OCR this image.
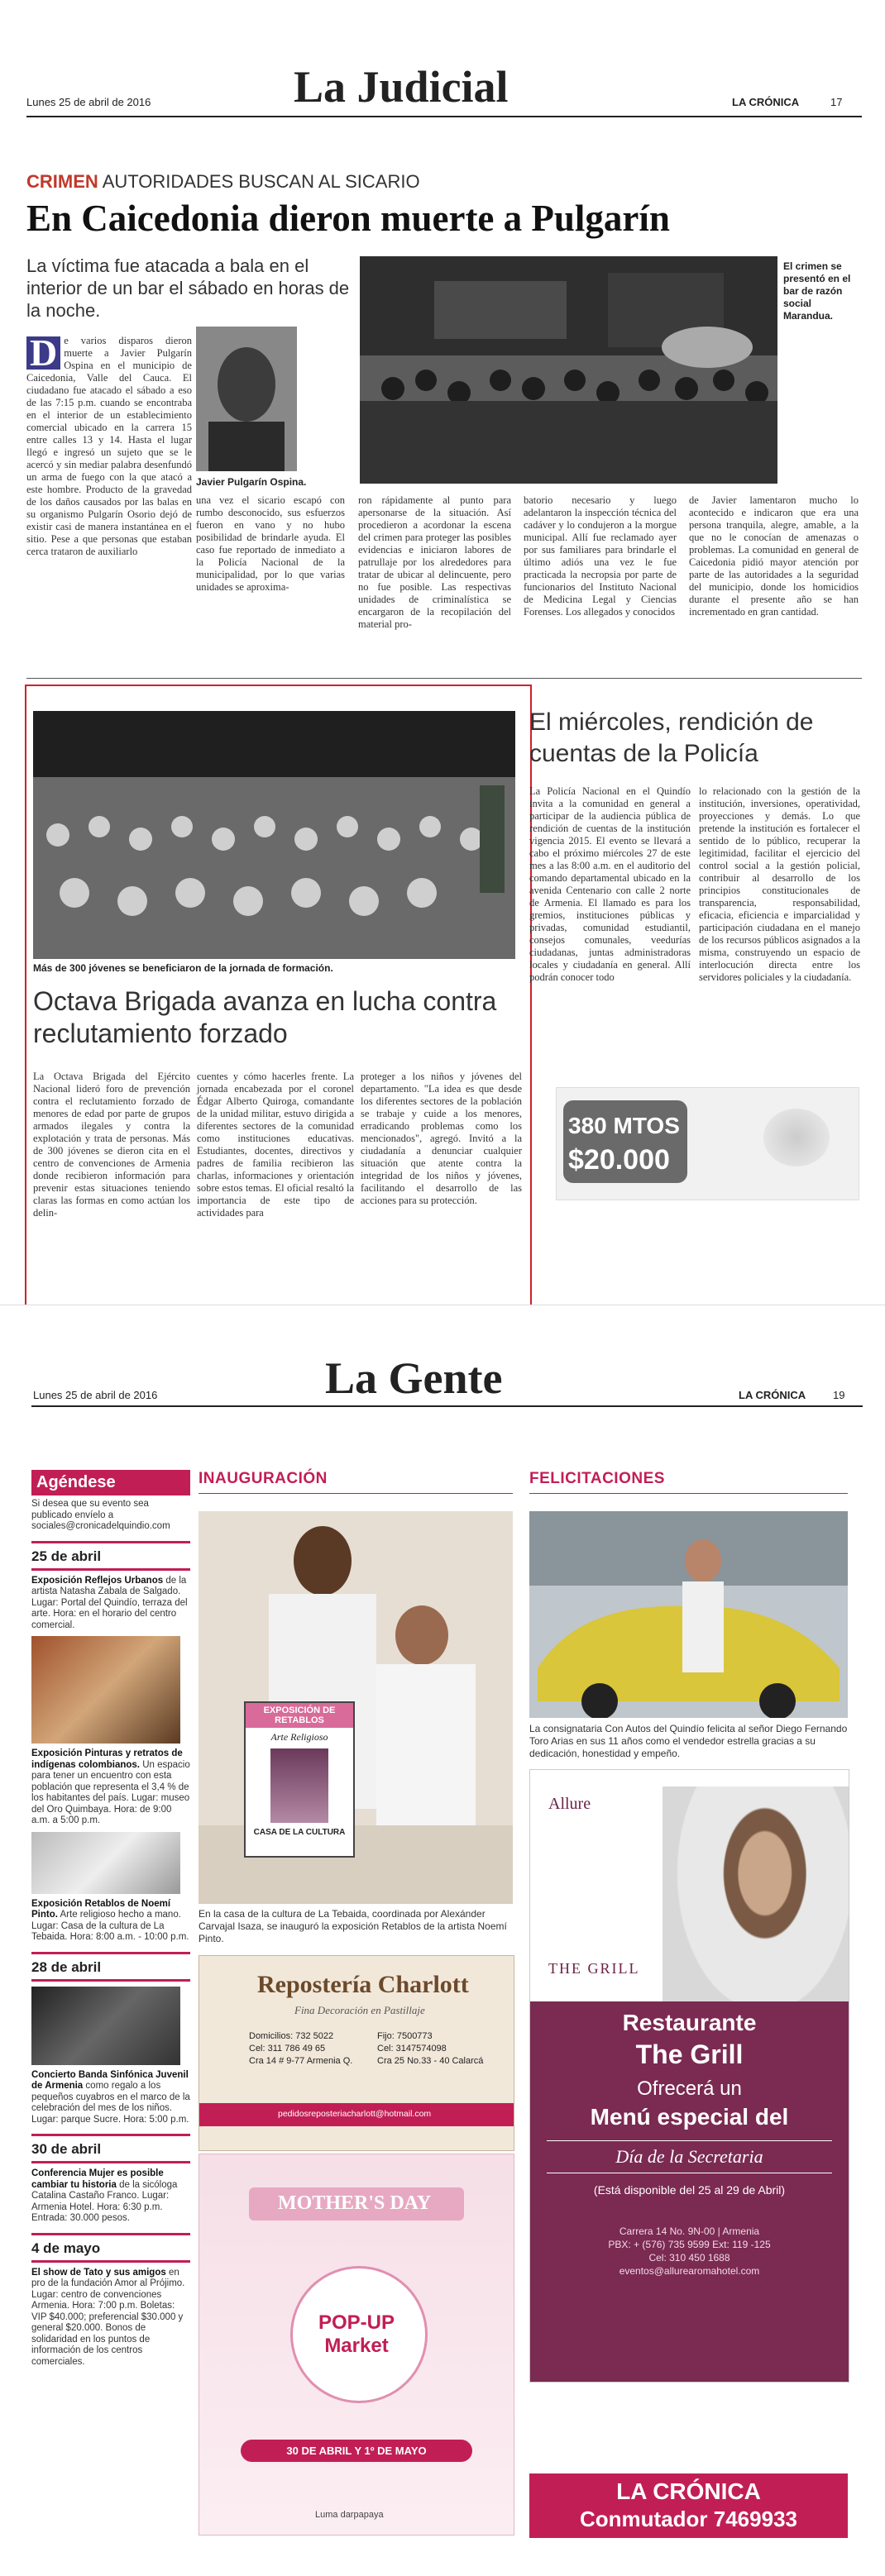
Lunes 25 de abril de 2016	La Judicial	LA CRÓNICA	17
CRIMEN AUTORIDADES BUSCAN AL SICARIO
En Caicedonia dieron muerte a Pulgarín
La víctima fue atacada a bala en el interior de un bar el sábado en horas de la noche.
El crimen se presentó en el bar de razón social Marandua.
Javier Pulgarín Ospina.
D e varios disparos dieron muerte a Javier Pulgarín Ospina en el municipio de Caicedonia, Valle del Cauca. El ciudadano fue atacado el sábado a eso de las 7:15 p.m. cuando se encontraba en el interior de un establecimiento comercial ubicado en la carrera 15 entre calles 13 y 14. Hasta el lugar llegó e ingresó un sujeto que se le acercó y sin mediar palabra desenfundó un arma de fuego con la que atacó a este hombre. Producto de la gravedad de los daños causados por las balas en su organismo Pulgarín Osorio dejó de existir casi de manera instantánea en el sitio. Pese a que personas que estaban cerca trataron de auxiliarlo
una vez el sicario escapó con rumbo desconocido, sus esfuerzos fueron en vano y no hubo posibilidad de brindarle ayuda. El caso fue reportado de inmediato a la Policía Nacional de la municipalidad, por lo que varias unidades se aproxima-
ron rápidamente al punto para apersonarse de la situación. Así procedieron a acordonar la escena del crimen para proteger las posibles evidencias e iniciaron labores de patrullaje por los alrededores para tratar de ubicar al delincuente, pero no fue posible. Las respectivas unidades de criminalística se encargaron de la recopilación del material pro-
batorio necesario y luego adelantaron la inspección técnica del cadáver y lo condujeron a la morgue municipal. Allí fue reclamado ayer por sus familiares para brindarle el último adiós una vez le fue practicada la necropsia por parte de funcionarios del Instituto Nacional de Medicina Legal y Ciencias Forenses. Los allegados y conocidos
de Javier lamentaron mucho lo acontecido e indicaron que era una persona tranquila, alegre, amable, a la que no le conocían de amenazas o problemas. La comunidad en general de Caicedonia pidió mayor atención por parte de las autoridades a la seguridad del municipio, donde los homicidios durante el presente año se han incrementado en gran cantidad.
Más de 300 jóvenes se beneficiaron de la jornada de formación.
Octava Brigada avanza en lucha contra reclutamiento forzado
La Octava Brigada del Ejército Nacional lideró foro de prevención contra el reclutamiento forzado de menores de edad por parte de grupos armados ilegales y contra la explotación y trata de personas. Más de 300 jóvenes se dieron cita en el centro de convenciones de Armenia donde recibieron información para prevenir estas situaciones teniendo claras las formas en como actúan los delin-
cuentes y cómo hacerles frente. La jornada encabezada por el coronel Édgar Alberto Quiroga, comandante de la unidad militar, estuvo dirigida a diferentes sectores de la comunidad como instituciones educativas. Estudiantes, docentes, directivos y padres de familia recibieron las charlas, informaciones y orientación sobre estos temas. El oficial resaltó la importancia de este tipo de actividades para
proteger a los niños y jóvenes del departamento. "La idea es que desde los diferentes sectores de la población se trabaje y cuide a los menores, erradicando problemas como los mencionados", agregó. Invitó a la ciudadanía a denunciar cualquier situación que atente contra la integridad de los niños y jóvenes, facilitando el desarrollo de las acciones para su protección.
El miércoles, rendición de cuentas de la Policía
La Policía Nacional en el Quindío invita a la comunidad en general a participar de la audiencia pública de rendición de cuentas de la institución vigencia 2015. El evento se llevará a cabo el próximo miércoles 27 de este mes a las 8:00 a.m. en el auditorio del comando departamental ubicado en la avenida Centenario con calle 2 norte de Armenia. El llamado es para los gremios, instituciones públicas y privadas, comunidad estudiantil, consejos comunales, veedurías ciudadanas, juntas administradoras locales y ciudadanía en general. Allí podrán conocer todo
lo relacionado con la gestión de la institución, inversiones, operatividad, proyecciones y demás. Lo que pretende la institución es fortalecer el sentido de lo público, recuperar la legitimidad, facilitar el ejercicio del control social a la gestión policial, contribuir al desarrollo de los principios constitucionales de transparencia, responsabilidad, eficacia, eficiencia e imparcialidad y participación ciudadana en el manejo de los recursos públicos asignados a la misma, construyendo un espacio de interlocución directa entre los servidores policiales y la ciudadanía.
380 MTOS
$20.000
Lunes 25 de abril de 2016	La Gente	LA CRÓNICA	19
Agéndese
Si desea que su evento sea publicado envíelo a sociales@cronicadelquindio.com
25 de abril

Exposición Reflejos Urbanos de la artista Natasha Zabala de Salgado. Lugar: Portal del Quindío, terraza del arte. Hora: en el horario del centro comercial.

Exposición Pinturas y retratos de indígenas colombianos. Un espacio para tener un encuentro con esta población que representa el 3,4 % de los habitantes del país. Lugar: museo del Oro Quimbaya. Hora: de 9:00 a.m. a 5:00 p.m.

Exposición Retablos de Noemí Pinto. Arte religioso hecho a mano. Lugar: Casa de la cultura de La Tebaida. Hora: 8:00 a.m. - 10:00 p.m.

28 de abril

Concierto Banda Sinfónica Juvenil de Armenia como regalo a los pequeños cuyabros en el marco de la celebración del mes de los niños. Lugar: parque Sucre. Hora: 5:00 p.m.

30 de abril

Conferencia Mujer es posible cambiar tu historia de la sicóloga Catalina Castaño Franco. Lugar: Armenia Hotel. Hora: 6:30 p.m. Entrada: 30.000 pesos.

4 de mayo

El show de Tato y sus amigos en pro de la fundación Amor al Prójimo. Lugar: centro de convenciones Armenia. Hora: 7:00 p.m. Boletas: VIP $40.000; preferencial $30.000 y general $20.000. Bonos de solidaridad en los puntos de información de los centros comerciales.

INAUGURACIÓN
EXPOSICIÓN DE RETABLOS
Arte Religioso
CASA DE LA CULTURA
En la casa de la cultura de La Tebaida, coordinada por Alexánder Carvajal Isaza, se inauguró la exposición Retablos de la artista Noemí Pinto.
Repostería Charlott
Fina Decoración en Pastillaje
Domicilios: 732 5022
Cel: 311 786 49 65
Cra 14 # 9-77 Armenia Q.
Fijo: 7500773
Cel: 3147574098
Cra 25 No.33 - 40 Calarcá
pedidosreposteriacharlott@hotmail.com
MOTHER'S DAY
POP-UP Market
30 DE ABRIL Y 1º DE MAYO
Luma darpapaya
FELICITACIONES
La consignataria Con Autos del Quindío felicita al señor Diego Fernando Toro Arias en sus 11 años como el vendedor estrella gracias a su dedicación, honestidad y empeño.
Allure
THE GRILL
Restaurante
The Grill
Ofrecerá un
Menú especial del
Día de la Secretaria
(Está disponible del 25 al 29 de Abril)
Carrera 14 No. 9N-00 | Armenia
PBX: + (576) 735 9599 Ext: 119 -125
Cel: 310 450 1688
eventos@allurearomahotel.com
LA CRÓNICA
Conmutador 7469933
